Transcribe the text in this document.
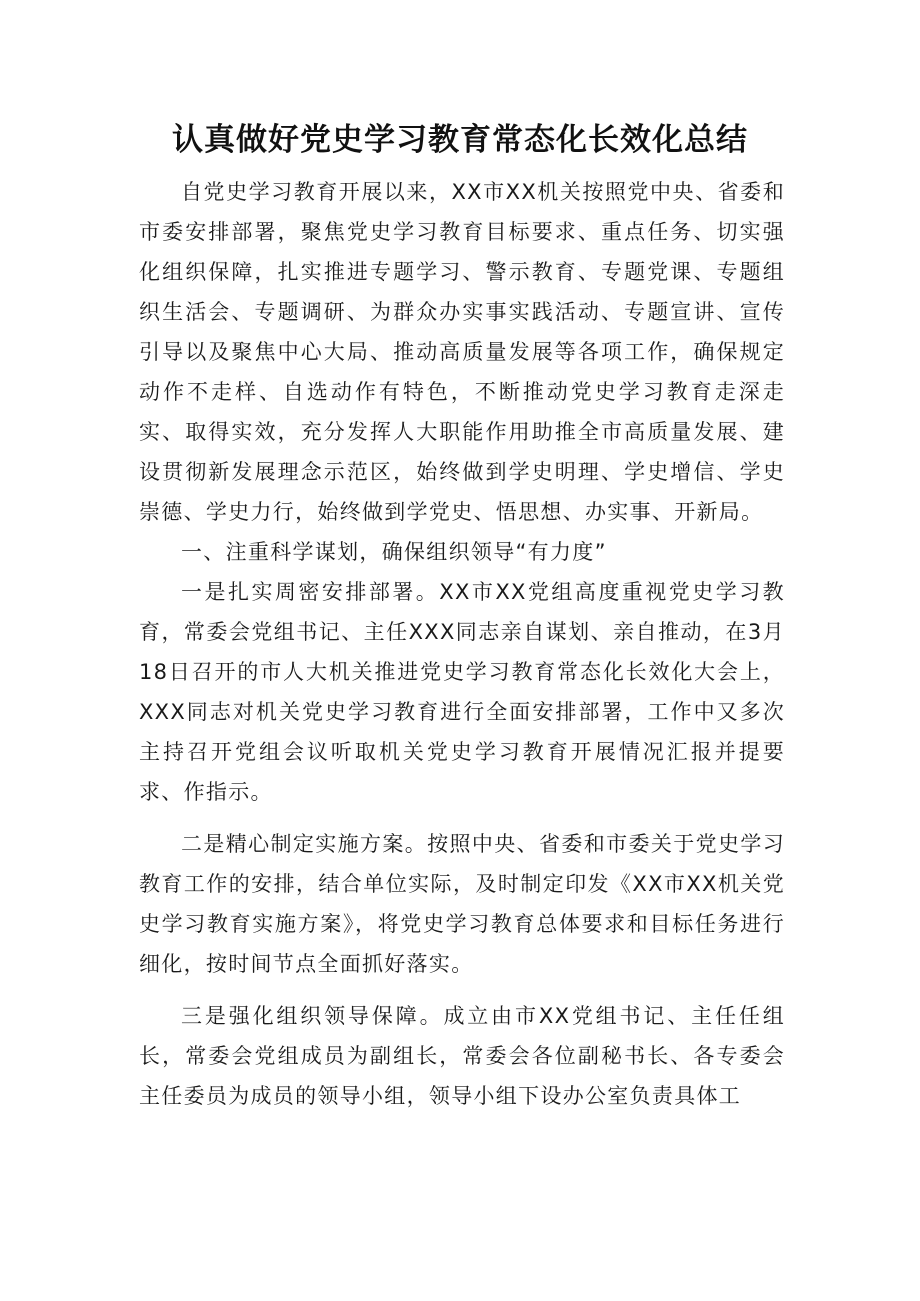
认真做好党史学习教育常态化长效化总结

自党史学习教育开展以来，XX市XX机关按照党中央、省委和市委安排部署，聚焦党史学习教育目标要求、重点任务、切实强化组织保障，扎实推进专题学习、警示教育、专题党课、专题组织生活会、专题调研、为群众办实事实践活动、专题宣讲、宣传引导以及聚焦中心大局、推动高质量发展等各项工作，确保规定动作不走样、自选动作有特色，不断推动党史学习教育走深走实、取得实效，充分发挥人大职能作用助推全市高质量发展、建设贯彻新发展理念示范区，始终做到学史明理、学史增信、学史崇德、学史力行，始终做到学党史、悟思想、办实事、开新局。

一、注重科学谋划，确保组织领导“有力度”

一是扎实周密安排部署。XX市XX党组高度重视党史学习教育，常委会党组书记、主任XXX同志亲自谋划、亲自推动，在3月18日召开的市人大机关推进党史学习教育常态化长效化大会上，XXX同志对机关党史学习教育进行全面安排部署，工作中又多次主持召开党组会议听取机关党史学习教育开展情况汇报并提要求、作指示。

二是精心制定实施方案。按照中央、省委和市委关于党史学习教育工作的安排，结合单位实际，及时制定印发《XX市XX机关党史学习教育实施方案》，将党史学习教育总体要求和目标任务进行细化，按时间节点全面抓好落实。

三是强化组织领导保障。成立由市XX党组书记、主任任组长，常委会党组成员为副组长，常委会各位副秘书长、各专委会主任委员为成员的领导小组，领导小组下设办公室负责具体工
